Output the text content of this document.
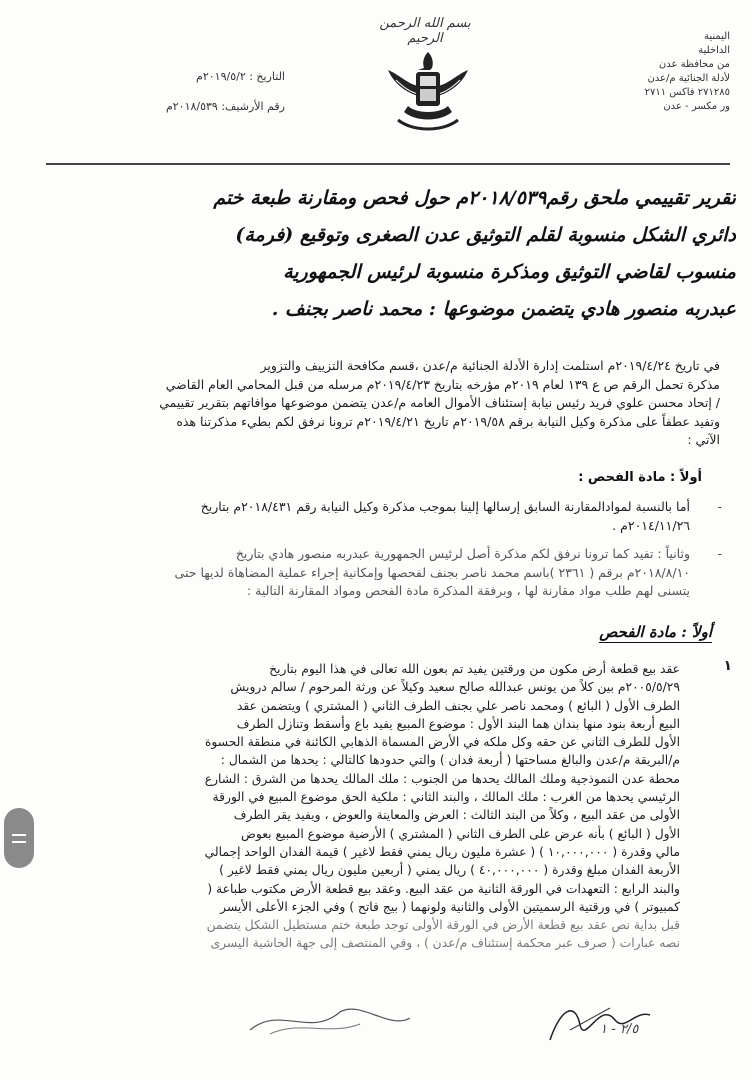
اليمنية
الداخلية
من محافظة عدن
لأدلة الجنائية م/عدن
٢٧١٢٨٥ فاكس ٢٧١١
ور مكسر - عدن
بسم الله الرحمن الرحيم
التاريخ : ٢٠١٩/٥/٢م
رقم الأرشيف: ٢٠١٨/٥٣٩م
تقرير تقييمي ملحق رقم٢٠١٨/٥٣٩م حول فحص ومقارنة طبعة ختم
دائري الشكل منسوبة لقلم التوثيق عدن الصغرى وتوقيع (فرمة)
منسوب لقاضي التوثيق ومذكرة منسوبة لرئيس الجمهورية
عبدربه منصور هادي يتضمن موضوعها : محمد ناصر بجنف .
في تاريخ ٢٠١٩/٤/٢٤م استلمت إدارة الأدلة الجنائية م/عدن ،قسم مكافحة التزييف والتزوير
مذكرة تحمل الرقم ص ع ١٣٩ لعام ٢٠١٩م مؤرخه بتاريخ ٢٠١٩/٤/٢٣م مرسله من قبل المحامي العام القاضي
/ إتحاد محسن علوي فريد رئيس نيابة إستئناف الأموال العامه م/عدن يتضمن موضوعها موافاتهم بتقرير تقييمي
وتفيد عطفاً على مذكرة وكيل النيابة برقم ٢٠١٩/٥٨م تاريخ ٢٠١٩/٤/٢١م ترونا نرفق لكم بطيء مذكرتنا هذه
الآتي :
أولاً : مادة الفحص :
-
أما بالنسبة لموادالمقارنة السابق إرسالها إلينا بموجب مذكرة وكيل النيابة رقم ٢٠١٨/٤٣١م بتاريخ
٢٠١٤/١١/٢٦م .
-
وثانياً : تفيد كما ترونا نرفق لكم مذكرة أصل لرئيس الجمهورية عبدربه منصور هادي بتاريخ
٢٠١٨/٨/١٠م برقم ( ٢٣٦١ )باسم محمد ناصر بجنف لفحصها وإمكانية إجراء عملية المضاهاة لديها حتى
يتسنى لهم طلب مواد مقارنة لها ، وبرفقة المذكرة مادة الفحص ومواد المقارنة التالية :
أولاً : مادة الفحص
١
عقد بيع قطعة أرض مكون من ورقتين يفيد تم بعون الله تعالى في هذا اليوم بتاريخ
٢٠٠٥/٥/٢٩م بين كلاً من يونس عبدالله صالح سعيد وكيلاً عن ورثة المرحوم / سالم درويش
الطرف الأول ( البائع ) ومحمد ناصر علي بجنف الطرف الثاني ( المشتري ) ويتضمن عقد
البيع أربعة بنود منها بندان هما البند الأول : موضوع المبيع يفيد باع وأسقط وتنازل الطرف
الأول للطرف الثاني عن حقه وكل ملكه في الأرض المسماة الذهابي الكائنة في منطقة الحسوة
م/البريقة م/عدن والبالغ مساحتها ( أربعة فدان ) والتي حدودها كالتالي : يحدها من الشمال :
محطة عدن النموذجية وملك المالك يحدها من الجنوب : ملك المالك يحدها من الشرق : الشارع
الرئيسي يحدها من الغرب : ملك المالك ، والبند الثاني : ملكية الحق موضوع المبيع في الورقة
الأولى من عقد البيع ، وكلاً من البند الثالث : العرض والمعاينة والعوض ، ويفيد يقر الطرف
الأول ( البائع ) بأنه عرض على الطرف الثاني ( المشتري ) الأرضية موضوع المبيع بعوض
مالي وقدرة ( ١٠,٠٠٠,٠٠٠ ) ( عشرة مليون ريال يمني فقط لاغير ) قيمة الفدان الواحد إجمالي
الأربعة الفدان مبلغ وقدرة ( ٤٠,٠٠٠,٠٠٠ ) ريال يمني ( أربعين مليون ريال يمني فقط لاغير )
والبند الرابع : التعهدات في الورقة الثانية من عقد البيع. وعقد بيع قطعة الأرض مكتوب طباعة (
كمبيوتر ) في ورقتية الرسميتين الأولى والثانية ولونهما ( بيج فاتح ) وفي الجزء الأعلى الأيسر
قبل بداية نص عقد بيع قطعة الأرض في الورقة الأولى توجد طبعة ختم مستطيل الشكل يتضمن
نصه عبارات ( صرف عبر محكمة إستئناف م/عدن ) ، وفي المنتصف إلى جهة الحاشية اليسرى
٢/٥ - ١
